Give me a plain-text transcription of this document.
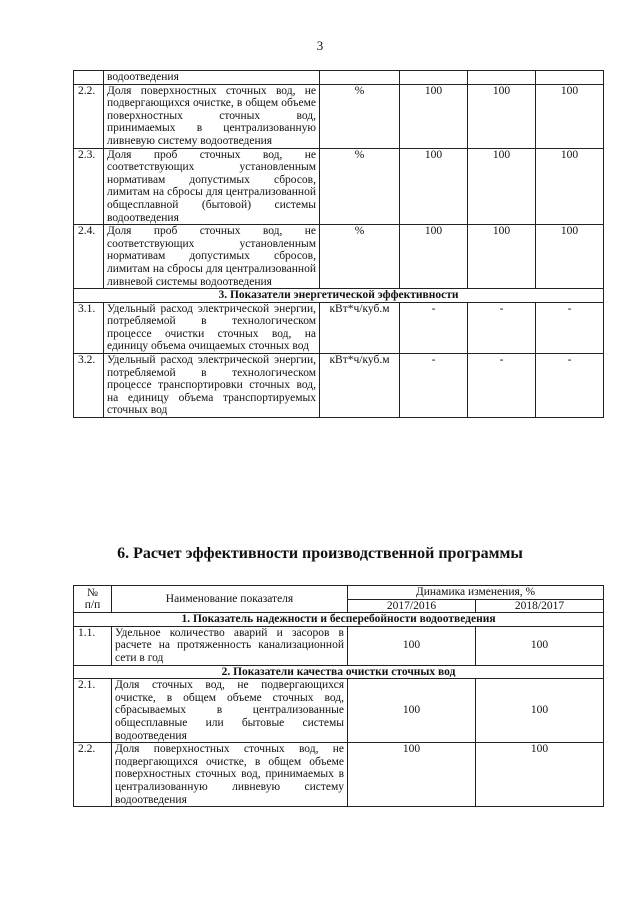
3
	водоотведения				
2.2.	Доля поверхностных сточных вод, не подвергающихся очистке, в общем объеме поверхностных сточных вод, принимаемых в централизованную ливневую систему водоотведения	%	100	100	100
2.3.	Доля проб сточных вод, не соответствующих установленным нормативам допустимых сбросов, лимитам на сбросы для централизованной общесплавной (бытовой) системы водоотведения	%	100	100	100
2.4.	Доля проб сточных вод, не соответствующих установленным нормативам допустимых сбросов, лимитам на сбросы для централизованной ливневой системы водоотведения	%	100	100	100
3. Показатели энергетической эффективности					
3.1.	Удельный расход электрической энергии, потребляемой в технологическом процессе очистки сточных вод, на единицу объема очищаемых сточных вод	кВт*ч/куб.м	-	-	-
3.2.	Удельный расход электрической энергии, потребляемой в технологическом процессе транспортировки сточных вод, на единицу объема транспортируемых сточных вод	кВт*ч/куб.м	-	-	-
6. Расчет эффективности производственной программы
№
п/п	Наименование показателя	Динамика изменения, %	
		2017/2016	2018/2017
1. Показатель надежности и бесперебойности водоотведения			
1.1.	Удельное количество аварий и засоров в расчете на протяженность канализационной сети в год	100	100
2. Показатели качества очистки сточных вод			
2.1.	Доля сточных вод, не подвергающихся очистке, в общем объеме сточных вод, сбрасываемых в централизованные общесплавные или бытовые системы водоотведения	100	100
2.2.	Доля поверхностных сточных вод, не подвергающихся очистке, в общем объеме поверхностных сточных вод, принимаемых в централизованную ливневую систему водоотведения	100	100
